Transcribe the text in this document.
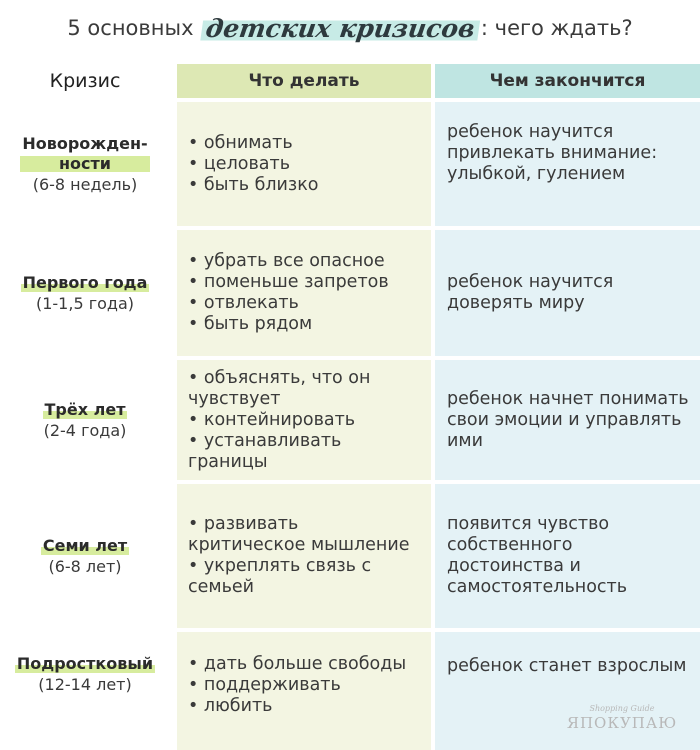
5 основных
детских кризисов : чего ждать?
Кризис	Что делать	Чем закончится
Новорожден-
ности
(6-8 недель)
• обнимать
• целовать
• быть близко
ребенок научится привлекать внимание: улыбкой, гулением
Первого года
(1-1,5 года)
• убрать все опасное
• поменьше запретов
• отвлекать
• быть рядом
ребенок научится доверять миру
Трёх лет
(2-4 года)
• объяснять, что он чувствует
• контейнировать
• устанавливать границы
ребенок начнет понимать свои эмоции и управлять ими
Семи лет
(6-8 лет)
• развивать критическое мышление
• укреплять связь с семьей
появится чувство собственного достоинства и самостоятельность
Подростковый
(12-14 лет)
• дать больше свободы
• поддерживать
• любить
ребенок станет взрослым
Shopping Guide
ЯПОКУПАЮ
